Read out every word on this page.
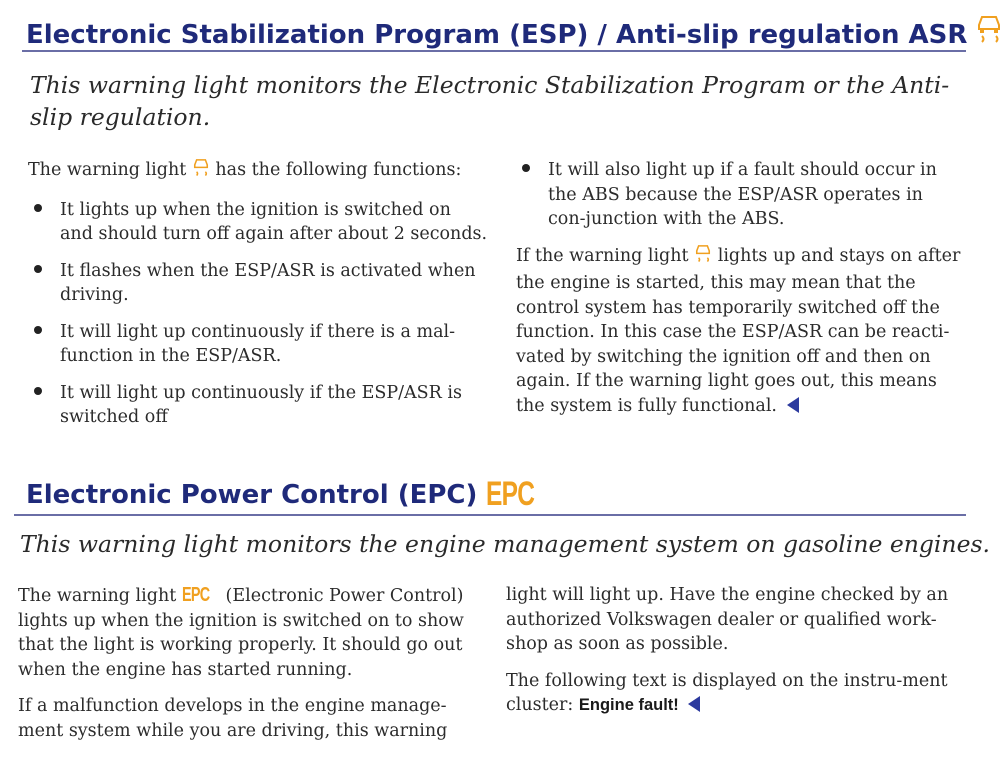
Electronic Stabilization Program (ESP) / Anti-slip regulation ASR
This warning light monitors the Electronic Stabilization Program or the Anti-slip regulation.

The warning light has the following functions:

It lights up when the ignition is switched on and should turn off again after about 2 seconds.

It flashes when the ESP/ASR is activated when driving.

It will light up continuously if there is a mal-function in the ESP/ASR.

It will light up continuously if the ESP/ASR is switched off

It will also light up if a fault should occur in the ABS because the ESP/ASR operates in con-junction with the ABS.

If the warning light lights up and stays on after the engine is started, this may mean that the control system has temporarily switched off the function. In this case the ESP/ASR can be reacti-vated by switching the ignition off and then on again. If the warning light goes out, this means the system is fully functional.

Electronic Power Control (EPC) EPC
This warning light monitors the engine management system on gasoline engines.

The warning light EPC (Electronic Power Control) lights up when the ignition is switched on to show that the light is working properly. It should go out when the engine has started running.

If a malfunction develops in the engine manage-ment system while you are driving, this warning

light will light up. Have the engine checked by an authorized Volkswagen dealer or qualified work-shop as soon as possible.

The following text is displayed on the instru-ment cluster: Engine fault!
